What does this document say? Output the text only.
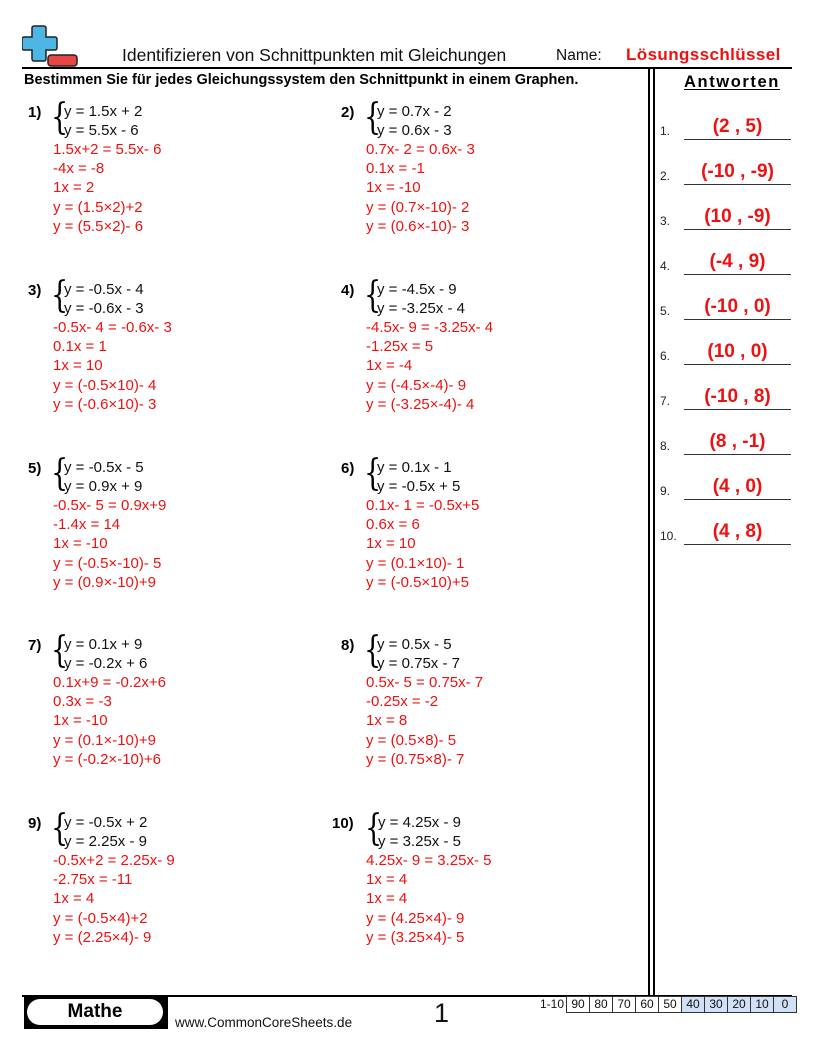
Identifizieren von Schnittpunkten mit Gleichungen	Name: Lösungsschlüssel
Bestimmen Sie für jedes Gleichungssystem den Schnittpunkt in einem Graphen.	Antworten
1.	(2 , 5)
2.	(-10 , -9)
3.	(10 , -9)
4.	(-4 , 9)
5.	(-10 , 0)
6.	(10 , 0)
7.	(-10 , 8)
8.	(8 , -1)
9.	(4 , 0)
10.	(4 , 8)
1) {
y = 1.5x + 2
y = 5.5x - 6
1.5x+2 = 5.5x- 6
-4x = -8
1x = 2
y = (1.5×2)+2
y = (5.5×2)- 6
2) {
y = 0.7x - 2
y = 0.6x - 3
0.7x- 2 = 0.6x- 3
0.1x = -1
1x = -10
y = (0.7×-10)- 2
y = (0.6×-10)- 3
3) {
y = -0.5x - 4
y = -0.6x - 3
-0.5x- 4 = -0.6x- 3
0.1x = 1
1x = 10
y = (-0.5×10)- 4
y = (-0.6×10)- 3
4) {
y = -4.5x - 9
y = -3.25x - 4
-4.5x- 9 = -3.25x- 4
-1.25x = 5
1x = -4
y = (-4.5×-4)- 9
y = (-3.25×-4)- 4
5) {
y = -0.5x - 5
y = 0.9x + 9
-0.5x- 5 = 0.9x+9
-1.4x = 14
1x = -10
y = (-0.5×-10)- 5
y = (0.9×-10)+9
6) {
y = 0.1x - 1
y = -0.5x + 5
0.1x- 1 = -0.5x+5
0.6x = 6
1x = 10
y = (0.1×10)- 1
y = (-0.5×10)+5
7) {
y = 0.1x + 9
y = -0.2x + 6
0.1x+9 = -0.2x+6
0.3x = -3
1x = -10
y = (0.1×-10)+9
y = (-0.2×-10)+6
8) {
y = 0.5x - 5
y = 0.75x - 7
0.5x- 5 = 0.75x- 7
-0.25x = -2
1x = 8
y = (0.5×8)- 5
y = (0.75×8)- 7
9) {
y = -0.5x + 2
y = 2.25x - 9
-0.5x+2 = 2.25x- 9
-2.75x = -11
1x = 4
y = (-0.5×4)+2
y = (2.25×4)- 9
10) {
y = 4.25x - 9
y = 3.25x - 5
4.25x- 9 = 3.25x- 5
1x = 4
1x = 4
y = (4.25×4)- 9
y = (3.25×4)- 5
Mathe
www.CommonCoreSheets.de	1	1-10 90 80 70 60 50 40 30 20 10	0
